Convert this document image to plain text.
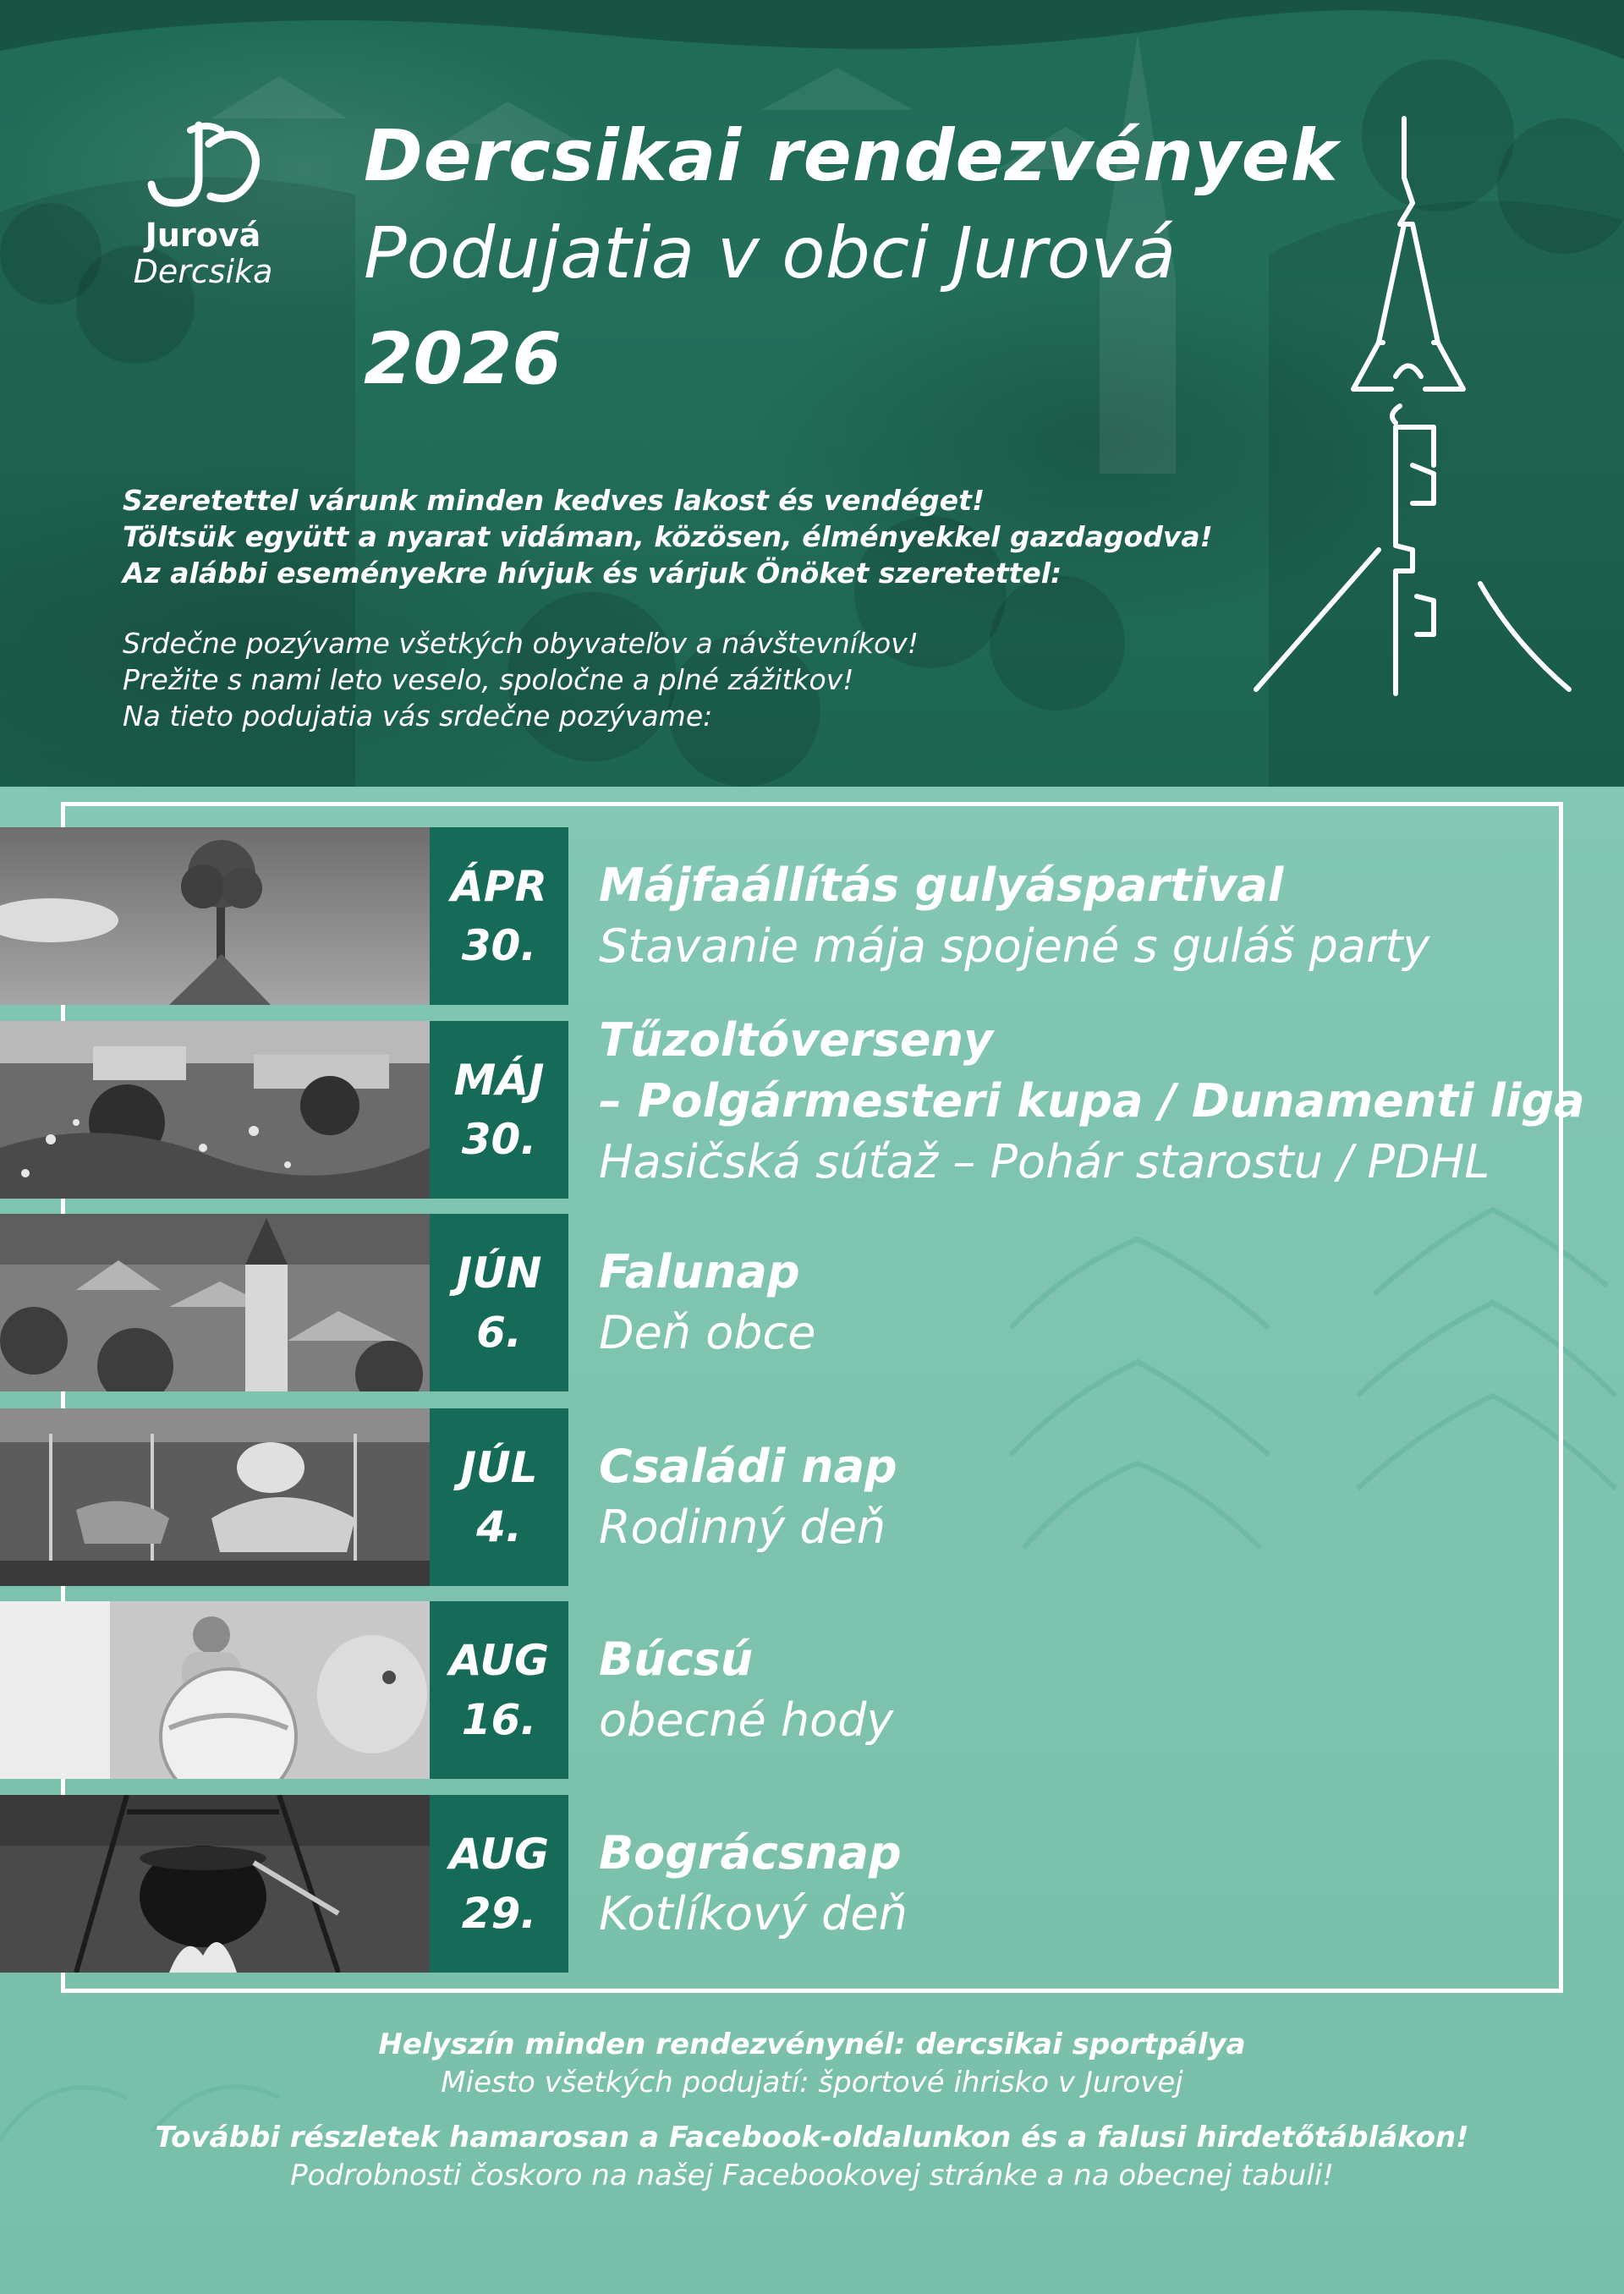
Jurová
Dercsika
Dercsikai rendezvények
Podujatia v obci Jurová
2026
Szeretettel várunk minden kedves lakost és vendéget!
Töltsük együtt a nyarat vidáman, közösen, élményekkel gazdagodva!
Az alábbi eseményekre hívjuk és várjuk Önöket szeretettel:
Srdečne pozývame všetkých obyvateľov a návštevníkov!
Prežite s nami leto veselo, spoločne a plné zážitkov!
Na tieto podujatia vás srdečne pozývame:
ÁPR
30.
Májfaállítás gulyáspartival
Stavanie mája spojené s guláš party
MÁJ
30.
Tűzoltóverseny
– Polgármesteri kupa / Dunamenti liga
Hasičská súťaž – Pohár starostu / PDHL
JÚN
6.
Falunap
Deň obce
JÚL
4.
Családi nap
Rodinný deň
AUG
16.
Búcsú
obecné hody
AUG
29.
Bográcsnap
Kotlíkový deň
Helyszín minden rendezvénynél: dercsikai sportpálya
Miesto všetkých podujatí: športové ihrisko v Jurovej
További részletek hamarosan a Facebook-oldalunkon és a falusi hirdetőtáblákon!
Podrobnosti čoskoro na našej Facebookovej stránke a na obecnej tabuli!
